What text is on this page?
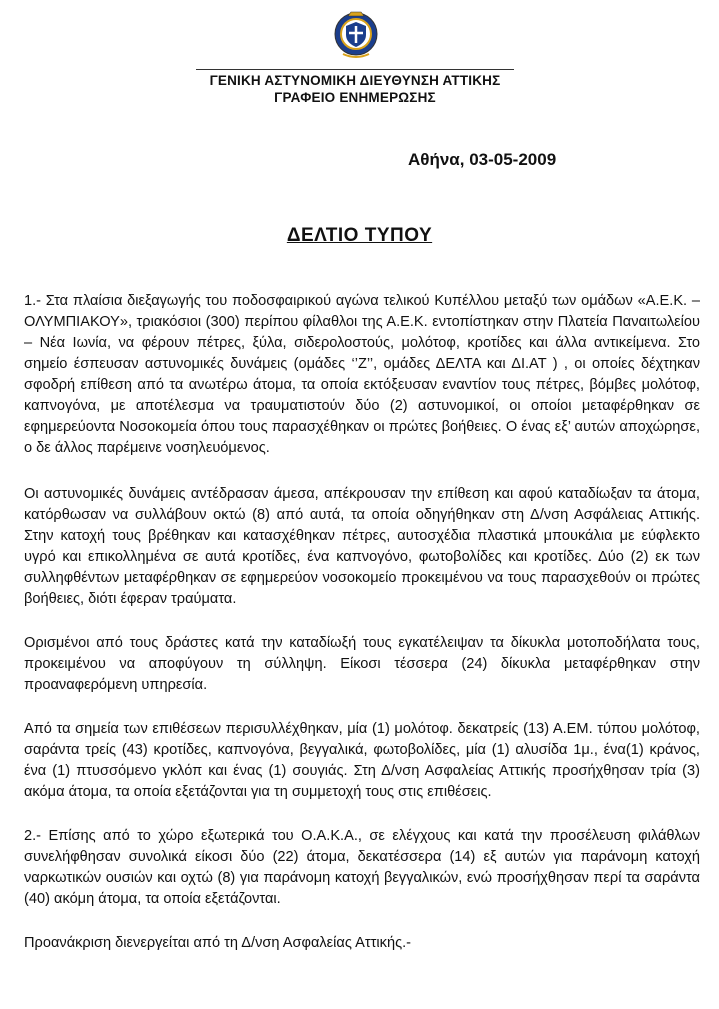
ΓΕΝΙΚΗ ΑΣΤΥΝΟΜΙΚΗ ΔΙΕΥΘΥΝΣΗ ΑΤΤΙΚΗΣ
ΓΡΑΦΕΙΟ ΕΝΗΜΕΡΩΣΗΣ
Αθήνα, 03-05-2009
ΔΕΛΤΙΟ ΤΥΠΟΥ

1.- Στα πλαίσια διεξαγωγής του ποδοσφαιρικού αγώνα τελικού Κυπέλλου μεταξύ των ομάδων «Α.Ε.Κ. – ΟΛΥΜΠΙΑΚΟΥ», τριακόσιοι (300) περίπου φίλαθλοι της Α.Ε.Κ. εντοπίστηκαν στην Πλατεία Παναιτωλείου – Νέα Ιωνία, να φέρουν πέτρες, ξύλα, σιδερολοστούς, μολότοφ, κροτίδες και άλλα αντικείμενα. Στο σημείο έσπευσαν αστυνομικές δυνάμεις (ομάδες ‘’Ζ’’, ομάδες ΔΕΛΤΑ και ΔΙ.ΑΤ ) , οι οποίες δέχτηκαν σφοδρή επίθεση από τα ανωτέρω άτομα, τα οποία εκτόξευσαν εναντίον τους πέτρες, βόμβες μολότοφ, καπνογόνα, με αποτέλεσμα να τραυματιστούν δύο (2) αστυνομικοί, οι οποίοι μεταφέρθηκαν σε εφημερεύοντα Νοσοκομεία όπου τους παρασχέθηκαν οι πρώτες βοήθειες. Ο ένας εξ’ αυτών αποχώρησε, ο δε άλλος παρέμεινε νοσηλευόμενος.

Οι αστυνομικές δυνάμεις αντέδρασαν άμεσα, απέκρουσαν την επίθεση και αφού καταδίωξαν τα άτομα, κατόρθωσαν να συλλάβουν οκτώ (8) από αυτά, τα οποία οδηγήθηκαν στη Δ/νση Ασφάλειας Αττικής. Στην κατοχή τους βρέθηκαν και κατασχέθηκαν πέτρες, αυτοσχέδια πλαστικά μπουκάλια με εύφλεκτο υγρό και επικολλημένα σε αυτά κροτίδες, ένα καπνογόνο, φωτοβολίδες και κροτίδες. Δύο (2) εκ των συλληφθέντων μεταφέρθηκαν σε εφημερεύον νοσοκομείο προκειμένου να τους παρασχεθούν οι πρώτες βοήθειες, διότι έφεραν τραύματα.

Ορισμένοι από τους δράστες κατά την καταδίωξή τους εγκατέλειψαν τα δίκυκλα μοτοποδήλατα τους, προκειμένου να αποφύγουν τη σύλληψη. Είκοσι τέσσερα (24) δίκυκλα μεταφέρθηκαν στην προαναφερόμενη υπηρεσία.

Από τα σημεία των επιθέσεων περισυλλέχθηκαν, μία (1) μολότοφ. δεκατρείς (13) Α.ΕΜ. τύπου μολότοφ, σαράντα τρείς (43) κροτίδες, καπνογόνα, βεγγαλικά, φωτοβολίδες, μία (1) αλυσίδα 1μ., ένα(1) κράνος, ένα (1) πτυσσόμενο γκλόπ και ένας (1) σουγιάς. Στη Δ/νση Ασφαλείας Αττικής προσήχθησαν τρία (3) ακόμα άτομα, τα οποία εξετάζονται για τη συμμετοχή τους στις επιθέσεις.

2.- Επίσης από το χώρο εξωτερικά του Ο.Α.Κ.Α., σε ελέγχους και κατά την προσέλευση φιλάθλων συνελήφθησαν συνολικά είκοσι δύο (22) άτομα, δεκατέσσερα (14) εξ αυτών για παράνομη κατοχή ναρκωτικών ουσιών και οχτώ (8) για παράνομη κατοχή βεγγαλικών, ενώ προσήχθησαν περί τα σαράντα (40) ακόμη άτομα, τα οποία εξετάζονται.

Προανάκριση διενεργείται από τη Δ/νση Ασφαλείας Αττικής.-
